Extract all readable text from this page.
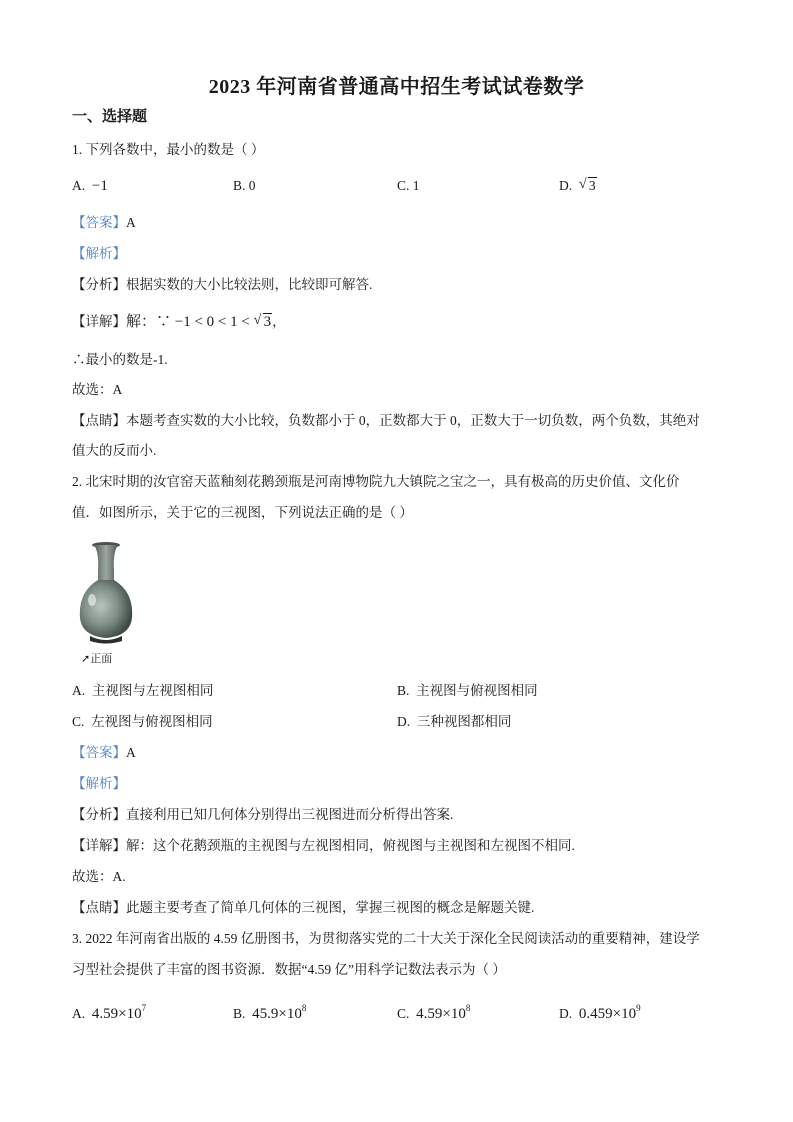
2023 年河南省普通高中招生考试试卷数学
一、选择题
1. 下列各数中，最小的数是（ ）
A. −1	B. 0	C. 1	D. √ 3
【答案】A
【解析】
【分析】根据实数的大小比较法则，比较即可解答.
【详解】解：∵ −1 < 0 < 1 < √ 3，
∴最小的数是-1.
故选：A
【点睛】本题考查实数的大小比较，负数都小于 0，正数都大于 0，正数大于一切负数，两个负数，其绝对
值大的反而小.
2. 北宋时期的汝官窑天蓝釉刻花鹅颈瓶是河南博物院九大镇院之宝之一，具有极高的历史价值、文化价
值．如图所示，关于它的三视图，下列说法正确的是（ ）
➚正面
A. 主视图与左视图相同	B. 主视图与俯视图相同
C. 左视图与俯视图相同	D. 三种视图都相同
【答案】A
【解析】
【分析】直接利用已知几何体分别得出三视图进而分析得出答案.
【详解】解：这个花鹅颈瓶的主视图与左视图相同，俯视图与主视图和左视图不相同.
故选：A.
【点睛】此题主要考查了简单几何体的三视图，掌握三视图的概念是解题关键.
3. 2022 年河南省出版的 4.59 亿册图书，为贯彻落实党的二十大关于深化全民阅读活动的重要精神，建设学
习型社会提供了丰富的图书资源．数据“4.59 亿”用科学记数法表示为（ ）
A. $4.59\times 10^7$	B. $45.9\times 10^8$	C. $4.59\times 10^8$	D. $0.459\times 10^9$
